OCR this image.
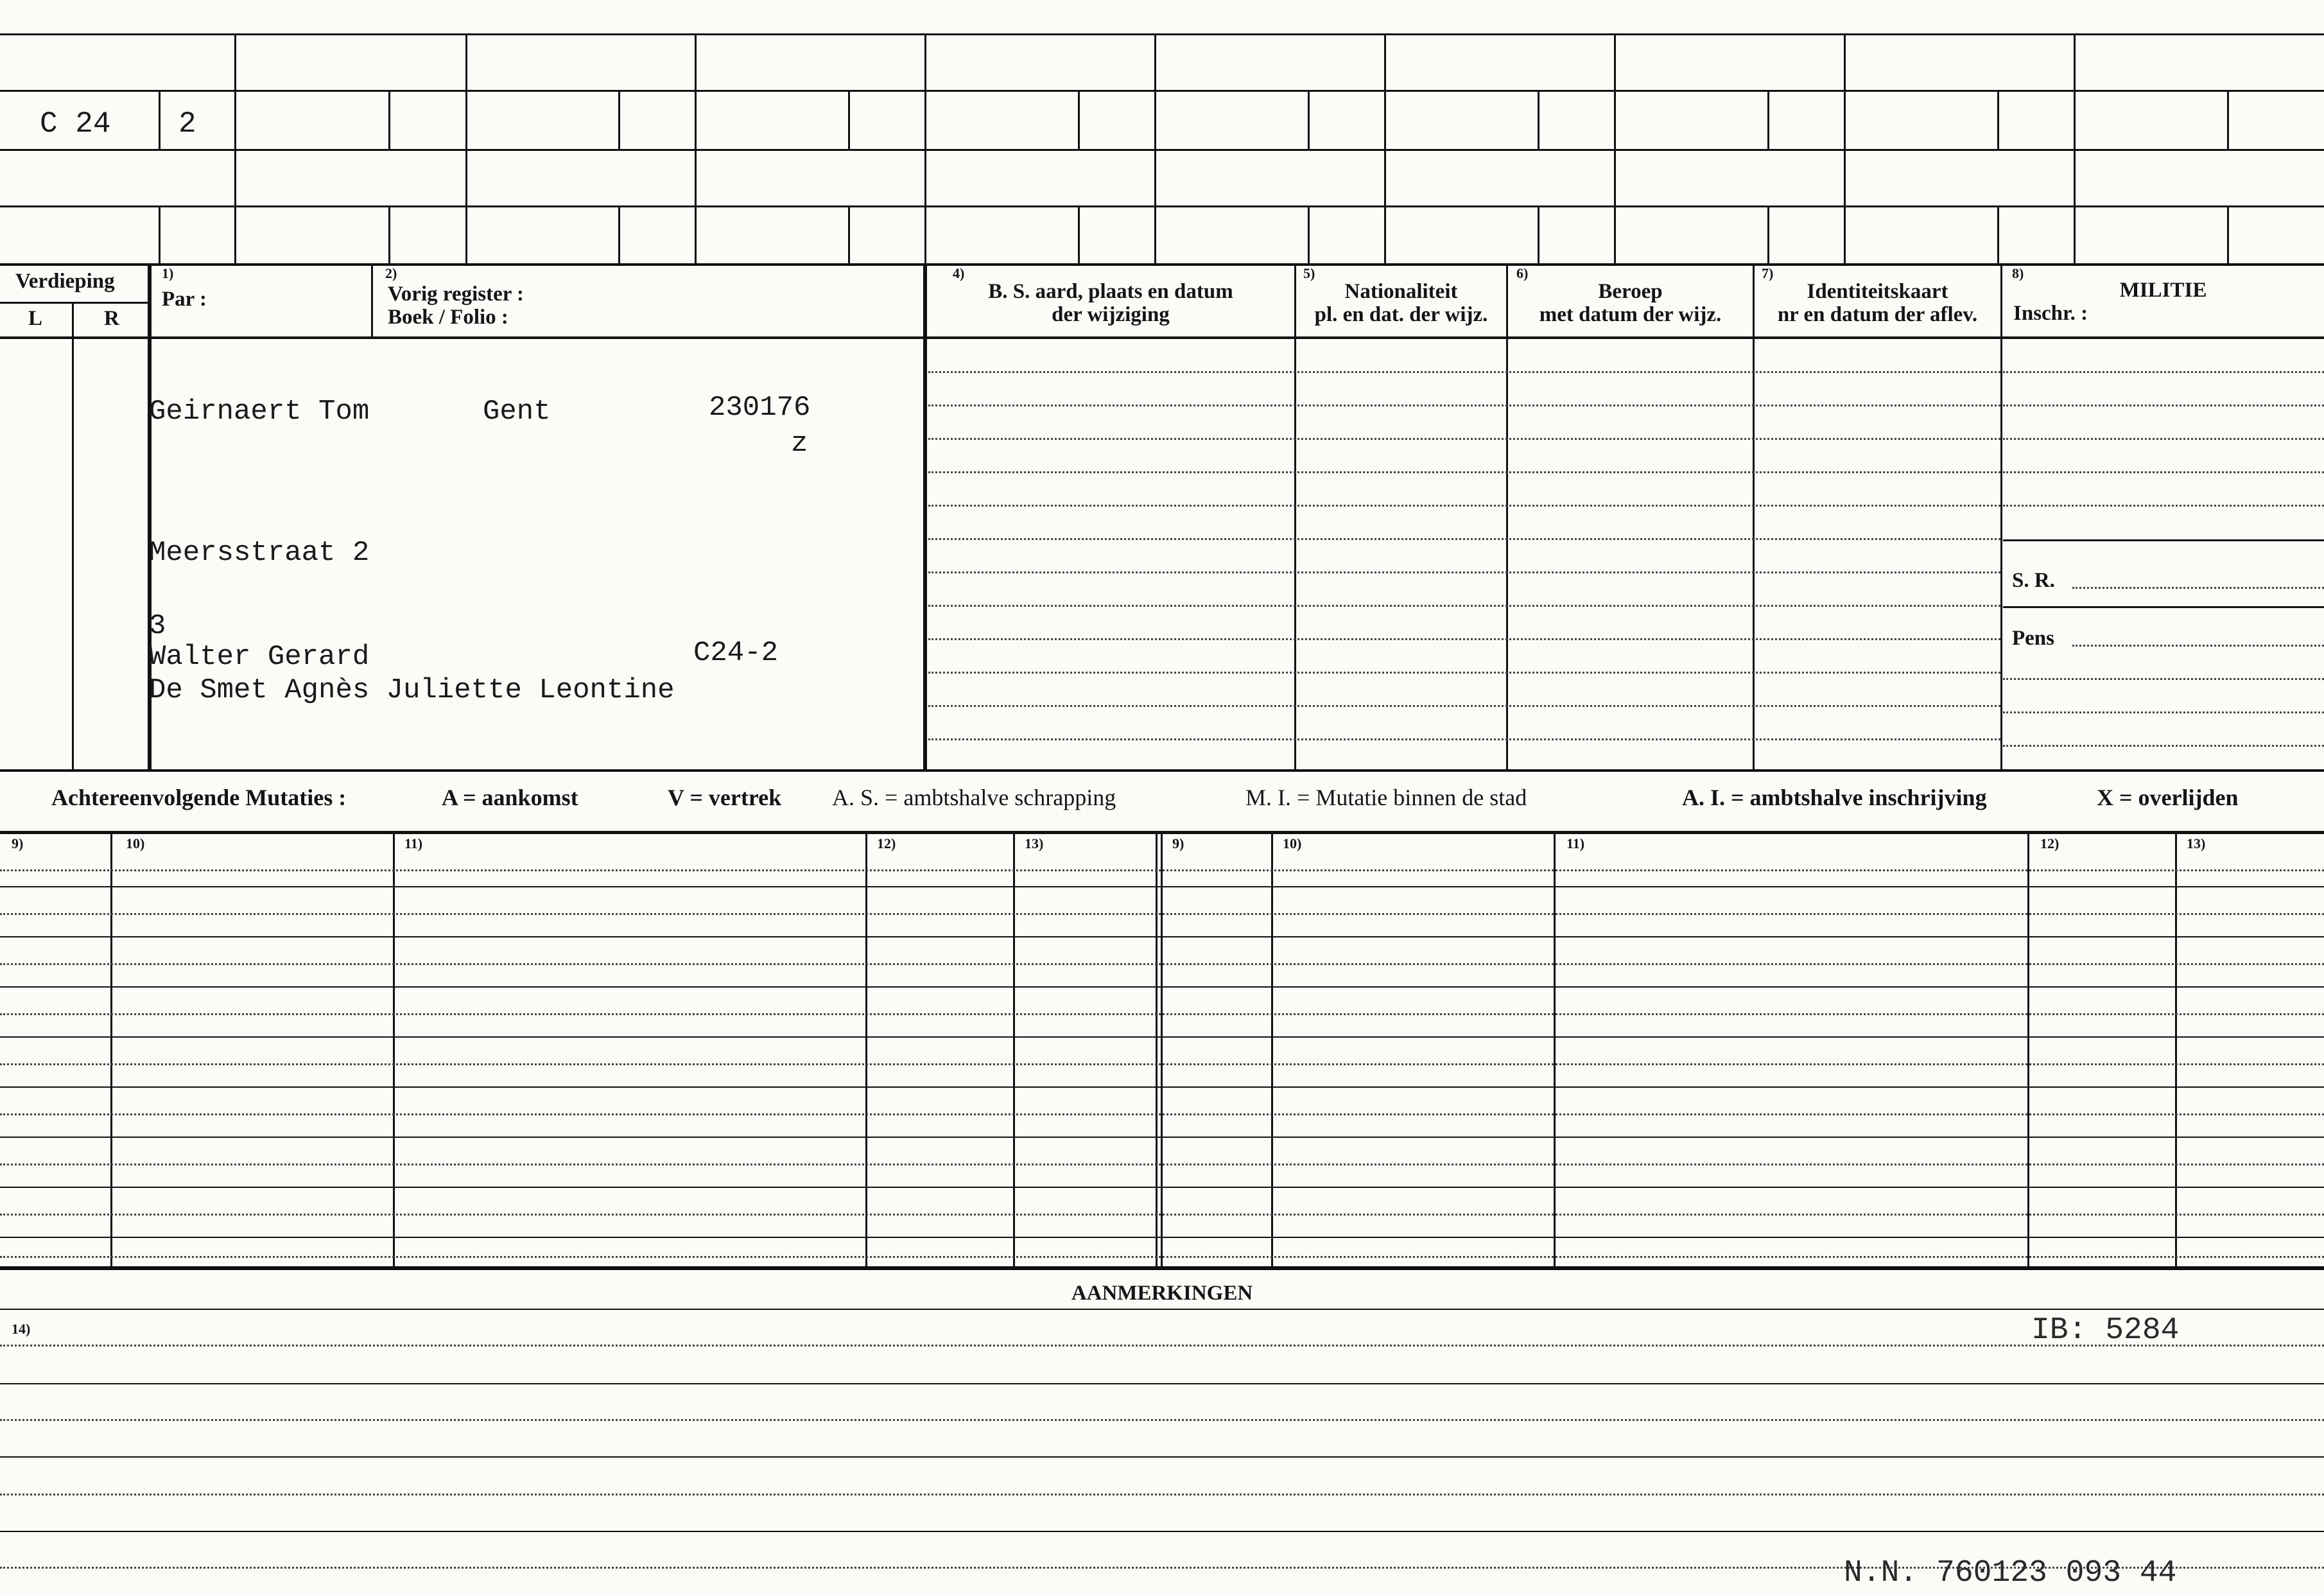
C 24 2
Verdieping
L	R
1)
Par :
2)
Vorig register :
Boek / Folio :
4)
B. S. aard, plaats en datum
der wijziging
5)
Nationaliteit
pl. en dat. der wijz.
6)
Beroep
met datum der wijz.
7)
Identiteitskaart
nr en datum der aflev.
8)
MILITIE
Inschr. :
Geirnaert Tom	Gent	230176
z
Meersstraat 2
3
Walter Gerard	C24-2
De Smet Agnès Juliette Leontine
S. R.
Pens
Achtereenvolgende Mutaties :	A = aankomst	V = vertrek A. S. = ambtshalve schrapping	M. I. = Mutatie binnen de stad	A. I. = ambtshalve inschrijving	X = overlijden
9)	10)	11)	12)	13)	9)	10)	11)	12)	13)
AANMERKINGEN
14)	IB: 5284
N.N. 760123 093 44
